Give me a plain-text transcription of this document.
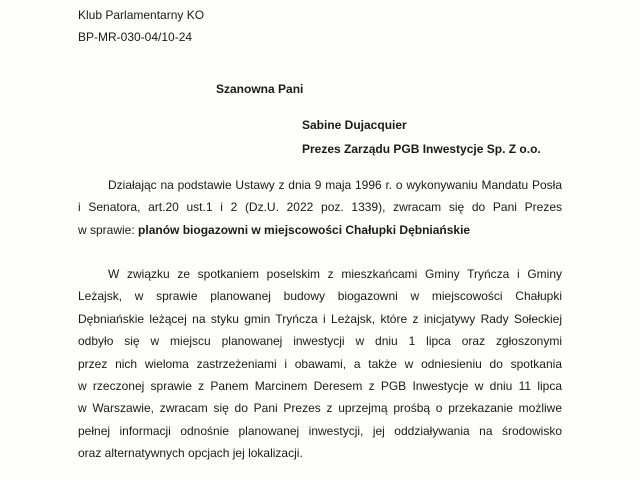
Klub Parlamentarny KO
BP-MR-030-04/10-24
Szanowna Pani
Sabine Dujacquier
Prezes Zarządu PGB Inwestycje Sp. Z o.o.
Działając na podstawie Ustawy z dnia 9 maja 1996 r. o wykonywaniu Mandatu Posła
i Senatora, art.20 ust.1 i 2 (Dz.U. 2022 poz. 1339), zwracam się do Pani Prezes
w sprawie: planów biogazowni w miejscowości Chałupki Dębniańskie
W związku ze spotkaniem poselskim z mieszkańcami Gminy Tryńcza i Gminy
Leżajsk, w sprawie planowanej budowy biogazowni w miejscowości Chałupki
Dębniańskie leżącej na styku gmin Tryńcza i Leżajsk, które z inicjatywy Rady Sołeckiej
odbyło się w miejscu planowanej inwestycji w dniu 1 lipca oraz zgłoszonymi
przez nich wieloma zastrzeżeniami i obawami, a także w odniesieniu do spotkania
w rzeczonej sprawie z Panem Marcinem Deresem z PGB Inwestycje w dniu 11 lipca
w Warszawie, zwracam się do Pani Prezes z uprzejmą prośbą o przekazanie możliwe
pełnej informacji odnośnie planowanej inwestycji, jej oddziaływania na środowisko
oraz alternatywnych opcjach jej lokalizacji.
